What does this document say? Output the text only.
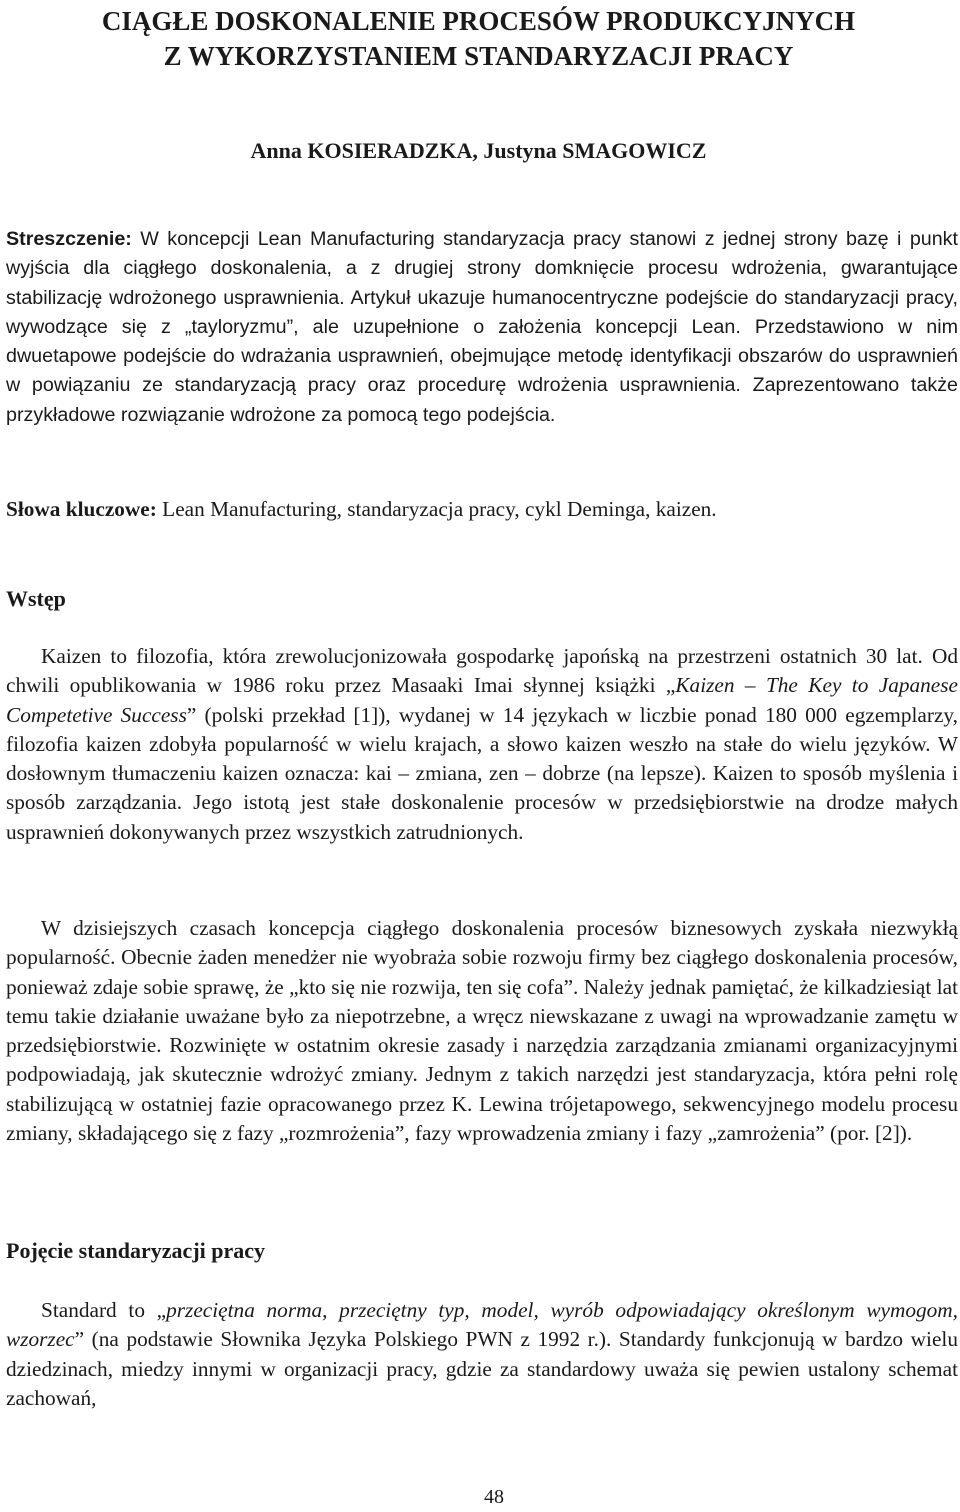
CIĄGŁE DOSKONALENIE PROCESÓW PRODUKCYJNYCH
Z WYKORZYSTANIEM STANDARYZACJI PRACY

Anna KOSIERADZKA, Justyna SMAGOWICZ

Streszczenie: W koncepcji Lean Manufacturing standaryzacja pracy stanowi z jednej strony bazę i punkt wyjścia dla ciągłego doskonalenia, a z drugiej strony domknięcie procesu wdrożenia, gwarantujące stabilizację wdrożonego usprawnienia. Artykuł ukazuje humanocentryczne podejście do standaryzacji pracy, wywodzące się z „tayloryzmu”, ale uzupełnione o założenia koncepcji Lean. Przedstawiono w nim dwuetapowe podejście do wdrażania usprawnień, obejmujące metodę identyfikacji obszarów do usprawnień w powiązaniu ze standaryzacją pracy oraz procedurę wdrożenia usprawnienia. Zaprezentowano także przykładowe rozwiązanie wdrożone za pomocą tego podejścia.

Słowa kluczowe: Lean Manufacturing, standaryzacja pracy, cykl Deminga, kaizen.

Wstęp

Kaizen to filozofia, która zrewolucjonizowała gospodarkę japońską na przestrzeni ostatnich 30 lat. Od chwili opublikowania w 1986 roku przez Masaaki Imai słynnej książki „Kaizen – The Key to Japanese Competetive Success” (polski przekład [1]), wydanej w 14 językach w liczbie ponad 180 000 egzemplarzy, filozofia kaizen zdobyła popularność w wielu krajach, a słowo kaizen weszło na stałe do wielu języków. W dosłownym tłumaczeniu kaizen oznacza: kai – zmiana, zen – dobrze (na lepsze). Kaizen to sposób myślenia i sposób zarządzania. Jego istotą jest stałe doskonalenie procesów w przedsiębiorstwie na drodze małych usprawnień dokonywanych przez wszystkich zatrudnionych.

W dzisiejszych czasach koncepcja ciągłego doskonalenia procesów biznesowych zyskała niezwykłą popularność. Obecnie żaden menedżer nie wyobraża sobie rozwoju firmy bez ciągłego doskonalenia procesów, ponieważ zdaje sobie sprawę, że „kto się nie rozwija, ten się cofa”. Należy jednak pamiętać, że kilkadziesiąt lat temu takie działanie uważane było za niepotrzebne, a wręcz niewskazane z uwagi na wprowadzanie zamętu w przedsiębiorstwie. Rozwinięte w ostatnim okresie zasady i narzędzia zarządzania zmianami organizacyjnymi podpowiadają, jak skutecznie wdrożyć zmiany. Jednym z takich narzędzi jest standaryzacja, która pełni rolę stabilizującą w ostatniej fazie opracowanego przez K. Lewina trójetapowego, sekwencyjnego modelu procesu zmiany, składającego się z fazy „rozmrożenia”, fazy wprowadzenia zmiany i fazy „zamrożenia” (por. [2]).

Pojęcie standaryzacji pracy

Standard to „przeciętna norma, przeciętny typ, model, wyrób odpowiadający określonym wymogom, wzorzec” (na podstawie Słownika Języka Polskiego PWN z 1992 r.). Standardy funkcjonują w bardzo wielu dziedzinach, miedzy innymi w organizacji pracy, gdzie za standardowy uważa się pewien ustalony schemat zachowań,

48
